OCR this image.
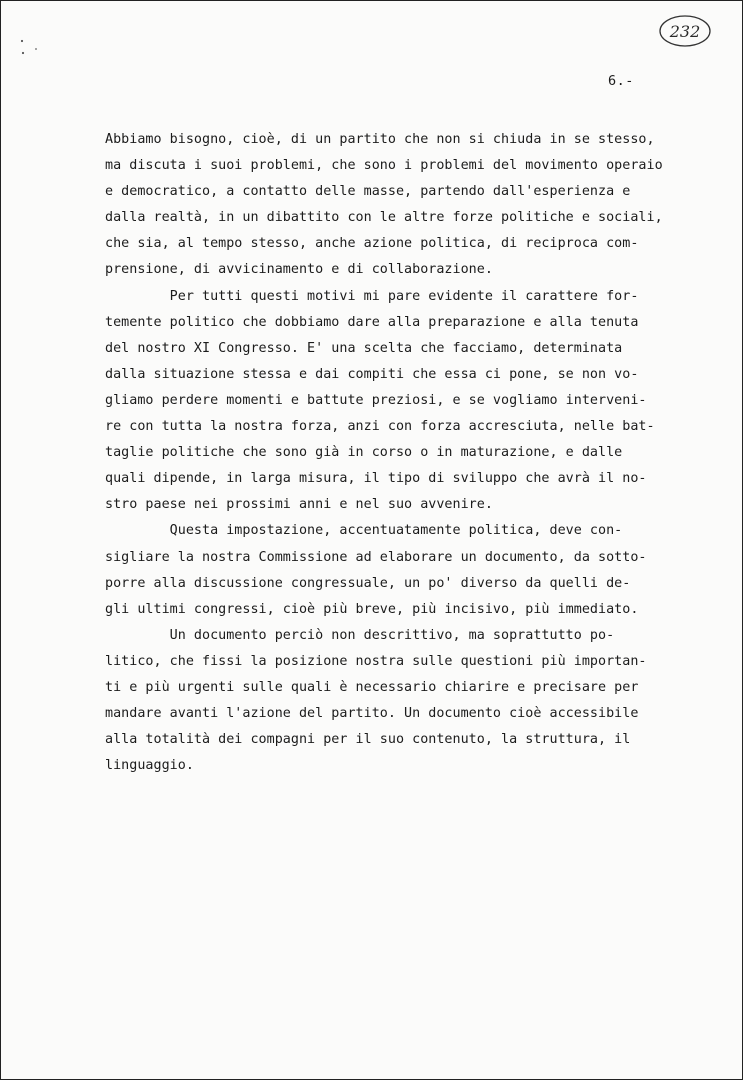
232
6.-
Abbiamo bisogno, cioè, di un partito che non si chiuda in se stesso,
ma discuta i suoi problemi, che sono i problemi del movimento operaio
e democratico, a contatto delle masse, partendo dall'esperienza e
dalla realtà, in un dibattito con le altre forze politiche e sociali,
che sia, al tempo stesso, anche azione politica, di reciproca com-
prensione, di avvicinamento e di collaborazione.
Per tutti questi motivi mi pare evidente il carattere for-
temente politico che dobbiamo dare alla preparazione e alla tenuta
del nostro XI Congresso. E' una scelta che facciamo, determinata
dalla situazione stessa e dai compiti che essa ci pone, se non vo-
gliamo perdere momenti e battute preziosi, e se vogliamo interveni-
re con tutta la nostra forza, anzi con forza accresciuta, nelle bat-
taglie politiche che sono già in corso o in maturazione, e dalle
quali dipende, in larga misura, il tipo di sviluppo che avrà il no-
stro paese nei prossimi anni e nel suo avvenire.
Questa impostazione, accentuatamente politica, deve con-
sigliare la nostra Commissione ad elaborare un documento, da sotto-
porre alla discussione congressuale, un po' diverso da quelli de-
gli ultimi congressi, cioè più breve, più incisivo, più immediato.
Un documento perciò non descrittivo, ma soprattutto po-
litico, che fissi la posizione nostra sulle questioni più importan-
ti e più urgenti sulle quali è necessario chiarire e precisare per
mandare avanti l'azione del partito. Un documento cioè accessibile
alla totalità dei compagni per il suo contenuto, la struttura, il
linguaggio.
